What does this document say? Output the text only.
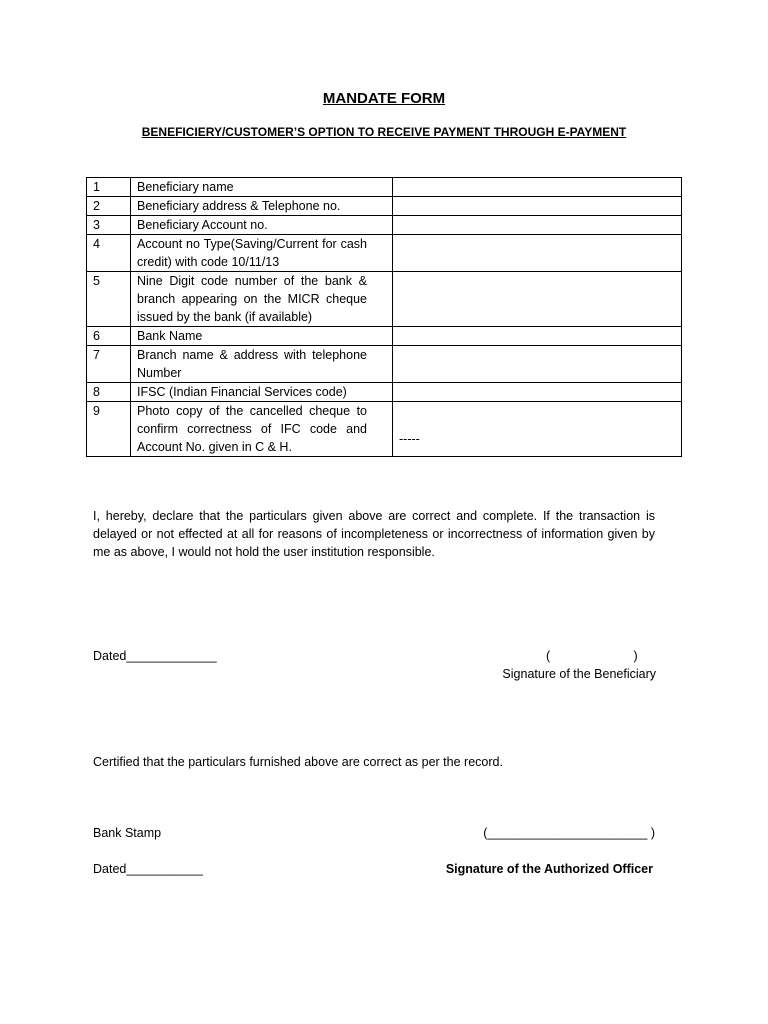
MANDATE FORM
BENEFICIERY/CUSTOMER’S OPTION TO RECEIVE PAYMENT THROUGH E-PAYMENT
1	Beneficiary name	
2	Beneficiary address & Telephone no.	
3	Beneficiary Account no.	
4	Account no Type(Saving/Current for cash credit) with code 10/11/13	
5	Nine Digit code number of the bank & branch appearing on the MICR cheque issued by the bank (if available)	
6	Bank Name	
7	Branch name & address with telephone Number	
8	IFSC (Indian Financial Services code)	
9	Photo copy of the cancelled cheque to confirm correctness of IFC code and Account No. given in C & H.	-----
I, hereby, declare that the particulars given above are correct and complete. If the transaction is delayed or not effected at all for reasons of incompleteness or incorrectness of information given by me as above, I would not hold the user institution responsible.
Dated_____________	(                        )
Signature of the Beneficiary
Certified that the particulars furnished above are correct as per the record.
Bank Stamp	(_______________________ )
Dated___________	Signature of the Authorized Officer
